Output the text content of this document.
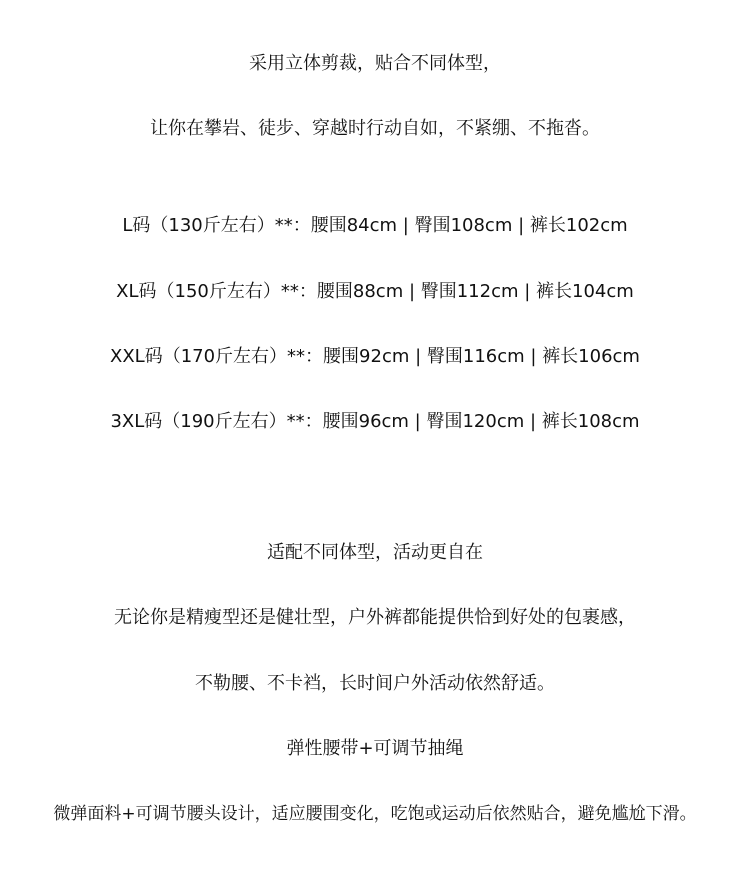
采用立体剪裁，贴合不同体型，

让你在攀岩、徒步、穿越时行动自如，不紧绷、不拖沓。

L码（130斤左右）**：腰围84cm | 臀围108cm | 裤长102cm

XL码（150斤左右）**：腰围88cm | 臀围112cm | 裤长104cm

XXL码（170斤左右）**：腰围92cm | 臀围116cm | 裤长106cm

3XL码（190斤左右）**：腰围96cm | 臀围120cm | 裤长108cm

适配不同体型，活动更自在

无论你是精瘦型还是健壮型，户外裤都能提供恰到好处的包裹感，

不勒腰、不卡裆，长时间户外活动依然舒适。

弹性腰带+可调节抽绳

微弹面料+可调节腰头设计，适应腰围变化，吃饱或运动后依然贴合，避免尴尬下滑。
